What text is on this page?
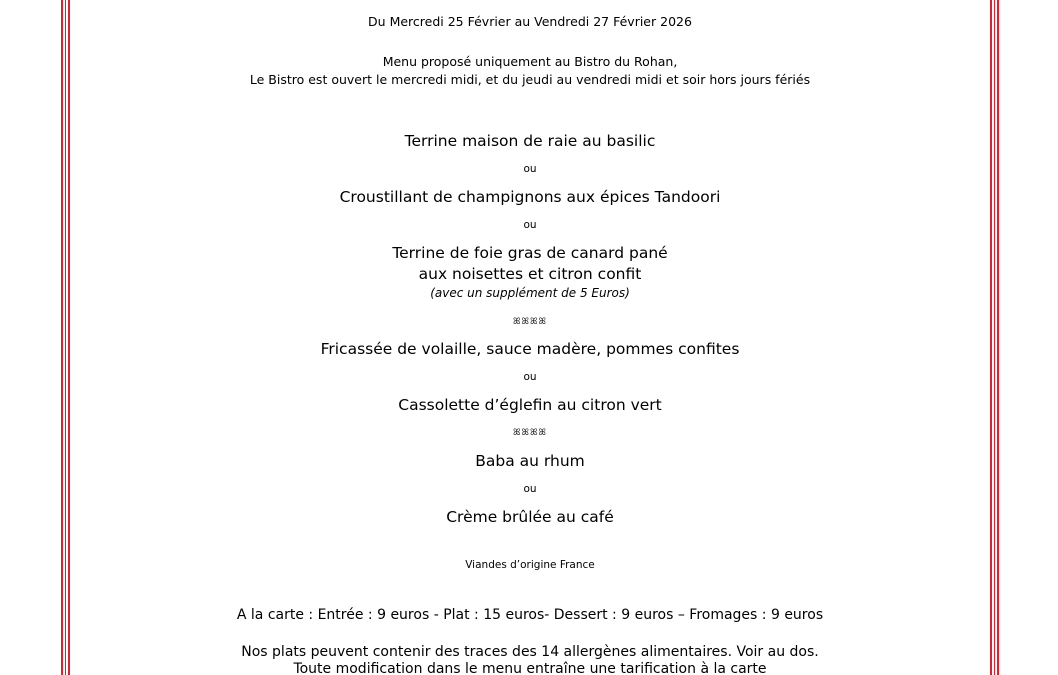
Du Mercredi 25 Février au Vendredi 27 Février 2026
Menu proposé uniquement au Bistro du Rohan,
Le Bistro est ouvert le mercredi midi, et du jeudi au vendredi midi et soir hors jours fériés
Terrine maison de raie au basilic
ou
Croustillant de champignons aux épices Tandoori
ou
Terrine de foie gras de canard pané
aux noisettes et citron confit
(avec un supplément de 5 Euros)
ꕤꕤꕤꕤ
Fricassée de volaille, sauce madère, pommes confites
ou
Cassolette d’églefin au citron vert
ꕤꕤꕤꕤ
Baba au rhum
ou
Crème brûlée au café
Viandes d’origine France
A la carte : Entrée : 9 euros - Plat : 15 euros- Dessert : 9 euros – Fromages : 9 euros
Nos plats peuvent contenir des traces des 14 allergènes alimentaires. Voir au dos.
Toute modification dans le menu entraîne une tarification à la carte
